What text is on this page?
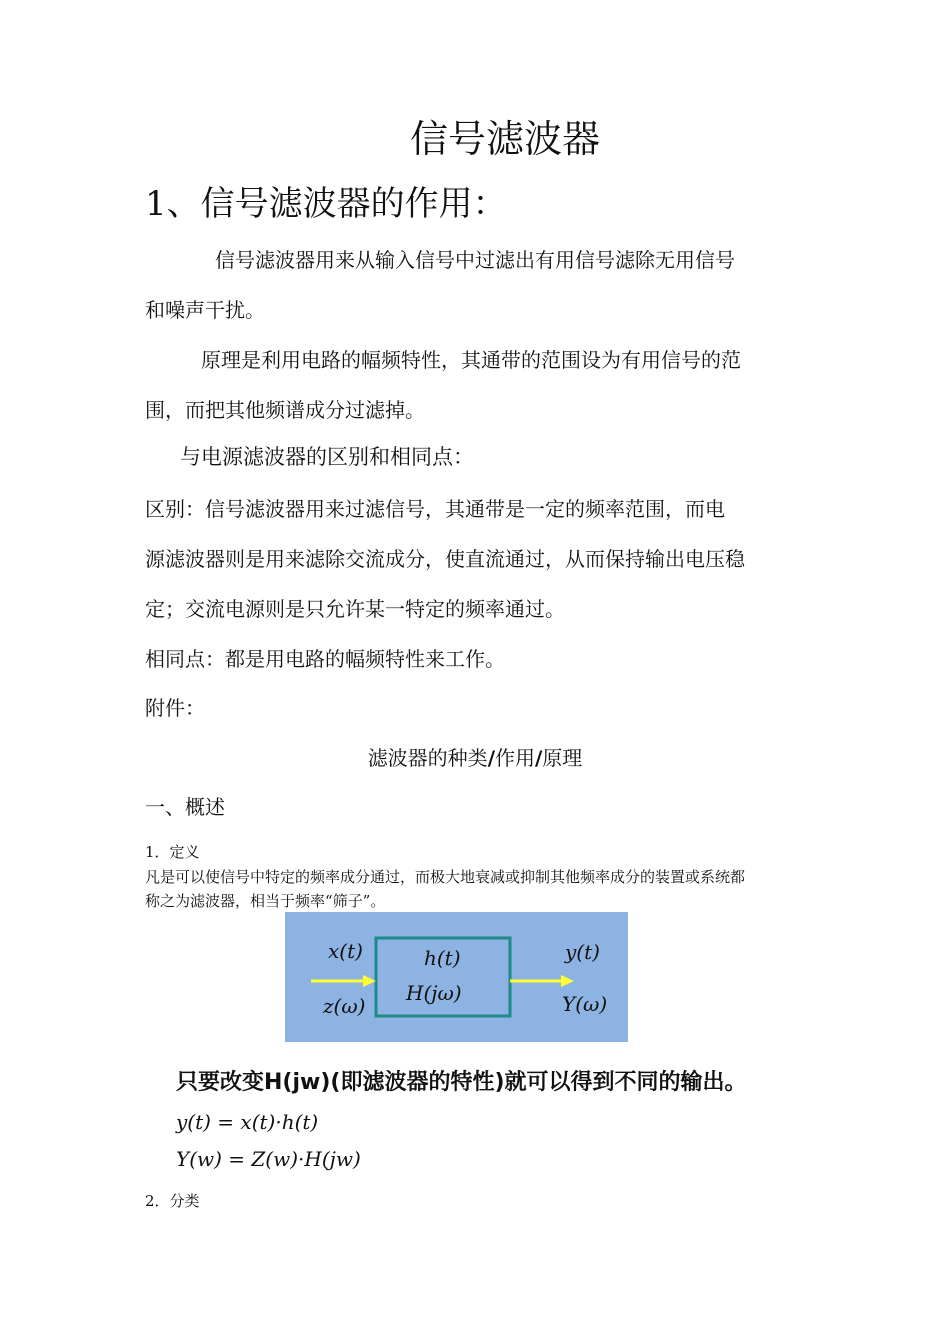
信号滤波器
1、信号滤波器的作用：
信号滤波器用来从输入信号中过滤出有用信号滤除无用信号
和噪声干扰。
原理是利用电路的幅频特性，其通带的范围设为有用信号的范
围，而把其他频谱成分过滤掉。
与电源滤波器的区别和相同点：
区别：信号滤波器用来过滤信号，其通带是一定的频率范围，而电
源滤波器则是用来滤除交流成分，使直流通过，从而保持输出电压稳
定；交流电源则是只允许某一特定的频率通过。
相同点：都是用电路的幅频特性来工作。
附件：
滤波器的种类/作用/原理
一、概述
1．定义
凡是可以使信号中特定的频率成分通过，而极大地衰减或抑制其他频率成分的装置或系统都
称之为滤波器，相当于频率“筛子”。
x(t)
z(ω)
h(t)
H(jω)
y(t)
Y(ω)
只要改变H(jw)(即滤波器的特性)就可以得到不同的输出。
y(t) = x(t)·h(t)
Y(w) = Z(w)·H(jw)
2．分类
